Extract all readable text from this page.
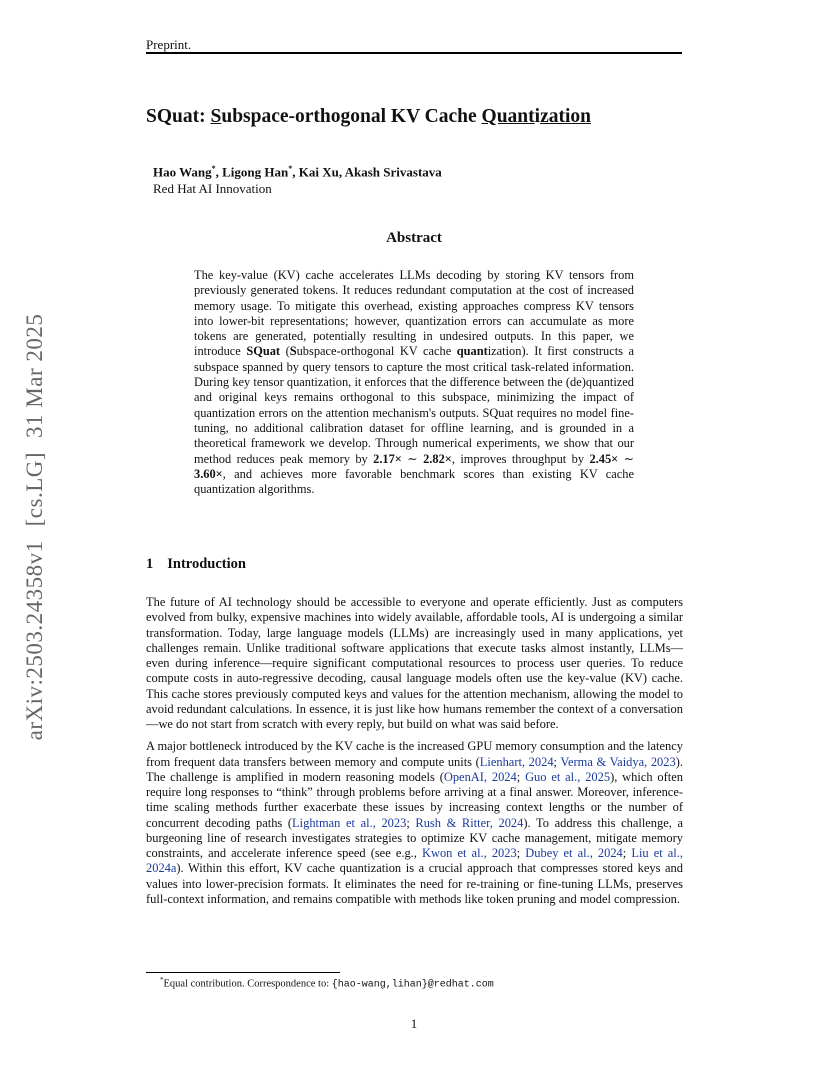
Preprint.
arXiv:2503.24358v1[cs.LG]31 Mar 2025
SQuat: Subspace-orthogonal KV Cache Quantization
Hao Wang*, Ligong Han*, Kai Xu, Akash Srivastava
Red Hat AI Innovation
Abstract

The key-value (KV) cache accelerates LLMs decoding by storing KV tensors from previously generated tokens. It reduces redundant computation at the cost of increased memory usage. To mitigate this overhead, existing approaches compress KV tensors into lower-bit representations; however, quantization errors can accumulate as more tokens are generated, potentially resulting in undesired outputs. In this paper, we introduce SQuat (Subspace-orthogonal KV cache quantization). It first constructs a subspace spanned by query tensors to capture the most critical task-related information. During key tensor quantization, it enforces that the difference between the (de)quantized and original keys remains orthogonal to this subspace, minimizing the impact of quantization errors on the attention mechanism's outputs. SQuat requires no model fine-tuning, no additional calibration dataset for offline learning, and is grounded in a theoretical framework we develop. Through numerical experiments, we show that our method reduces peak memory by 2.17× ∼ 2.82×, improves throughput by 2.45× ∼ 3.60×, and achieves more favorable benchmark scores than existing KV cache quantization algorithms.

1 Introduction

The future of AI technology should be accessible to everyone and operate efficiently. Just as computers evolved from bulky, expensive machines into widely available, affordable tools, AI is undergoing a similar transformation. Today, large language models (LLMs) are increasingly used in many applications, yet challenges remain. Unlike traditional software applications that execute tasks almost instantly, LLMs—even during inference—require significant computational resources to process user queries. To reduce compute costs in auto-regressive decoding, causal language models often use the key-value (KV) cache. This cache stores previously computed keys and values for the attention mechanism, allowing the model to avoid redundant calculations. In essence, it is just like how humans remember the context of a conversation—we do not start from scratch with every reply, but build on what was said before.

A major bottleneck introduced by the KV cache is the increased GPU memory consumption and the latency from frequent data transfers between memory and compute units (Lienhart, 2024; Verma & Vaidya, 2023). The challenge is amplified in modern reasoning models (OpenAI, 2024; Guo et al., 2025), which often require long responses to “think” through problems before arriving at a final answer. Moreover, inference-time scaling methods further exacerbate these issues by increasing context lengths or the number of concurrent decoding paths (Lightman et al., 2023; Rush & Ritter, 2024). To address this challenge, a burgeoning line of research investigates strategies to optimize KV cache management, mitigate memory constraints, and accelerate inference speed (see e.g., Kwon et al., 2023; Dubey et al., 2024; Liu et al., 2024a). Within this effort, KV cache quantization is a crucial approach that compresses stored keys and values into lower-precision formats. It eliminates the need for re-training or fine-tuning LLMs, preserves full-context information, and remains compatible with methods like token pruning and model compression.

*Equal contribution. Correspondence to: {hao-wang,lihan}@redhat.com
1
